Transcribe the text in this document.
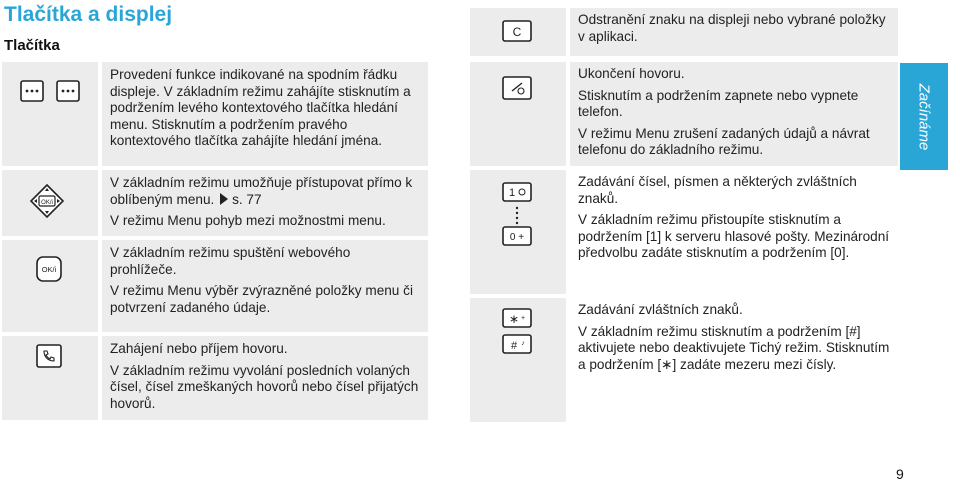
Tlačítka a displej
Tlačítka

Provedení funkce indikované na spodním řádku displeje. V základním režimu zahájíte stisknutím a podržením levého kontextového tlačítka hledání menu. Stisknutím a podržením pravého kontextového tlačítka zahájíte hledání jména.

OK/i

V základním režimu umožňuje přístupovat přímo k oblíbeným menu. s. 77

V režimu Menu pohyb mezi možnostmi menu.

OK/i

V základním režimu spuštění webového prohlížeče.

V režimu Menu výběr zvýrazněné položky menu či potvrzení zadaného údaje.

Zahájení nebo příjem hovoru.

V základním režimu vyvolání posledních volaných čísel, čísel zmeškaných hovorů nebo čísel přijatých hovorů.

C

Odstranění znaku na displeji nebo vybrané položky v aplikaci.

Ukončení hovoru.

Stisknutím a podržením zapnete nebo vypnete telefon.

V režimu Menu zrušení zadaných údajů a návrat telefonu do základního režimu.

1
0 +

Zadávání čísel, písmen a některých zvláštních znaků.

V základním režimu přistoupíte stisknutím a podržením [1] k serveru hlasové pošty. Mezinárodní předvolbu zadáte stisknutím a podržením [0].

∗ +
# ♪

Zadávání zvláštních znaků.

V základním režimu stisknutím a podržením [#] aktivujete nebo deaktivujete Tichý režim. Stisknutím a podržením [∗] zadáte mezeru mezi čísly.

Začínáme
9
